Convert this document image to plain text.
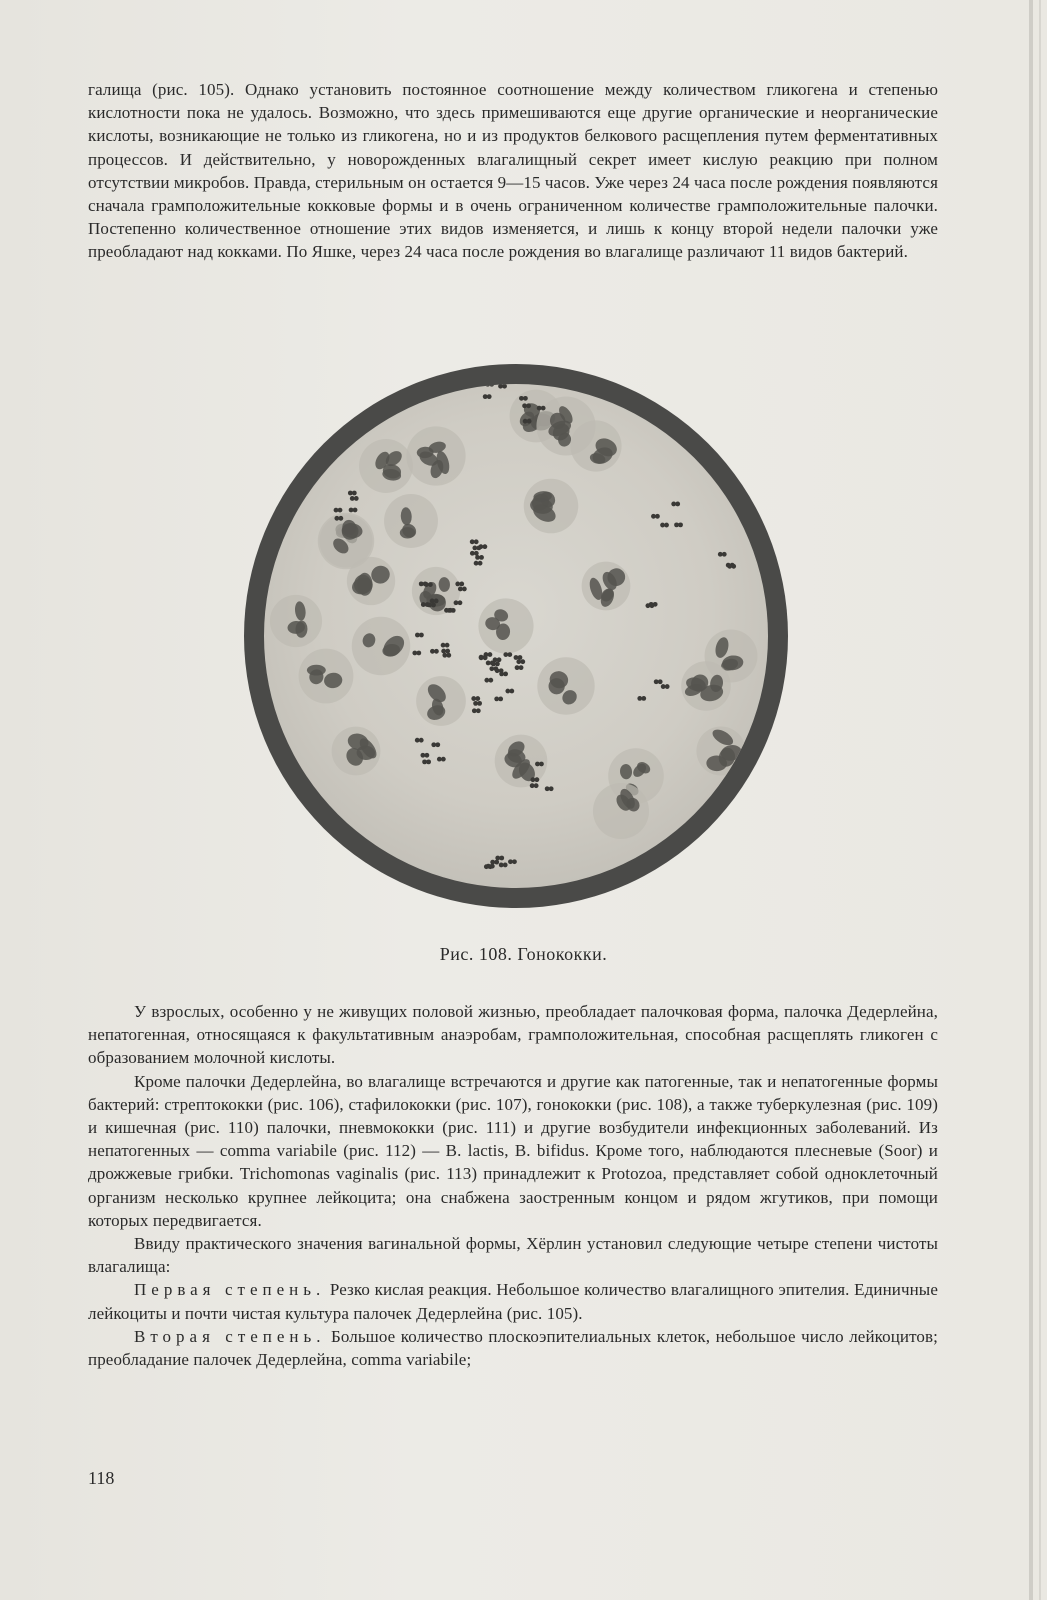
галища (рис. 105). Однако установить постоянное соотношение между количеством гликогена и степенью кислотности пока не удалось. Возможно, что здесь примешиваются еще другие органические и неорганические кислоты, возникающие не только из гликогена, но и из продуктов белкового расщепления путем ферментативных процессов. И действительно, у новорожденных влагалищный секрет имеет кислую реакцию при полном отсутствии микробов. Правда, стерильным он остается 9—15 часов. Уже через 24 часа после рождения появляются сначала грамположительные кокковые формы и в очень ограниченном количестве грамположительные палочки. Постепенно количественное отношение этих видов изменяется, и лишь к концу второй недели палочки уже преобладают над кокками. По Яшке, через 24 часа после рождения во влагалище различают 11 видов бактерий.

Рис. 108. Гонококки.

У взрослых, особенно у не живущих половой жизнью, преобладает палочковая форма, палочка Дедерлейна, непатогенная, относящаяся к факультативным анаэробам, грамположительная, способная расщеплять гликоген с образованием молочной кислоты.

Кроме палочки Дедерлейна, во влагалище встречаются и другие как патогенные, так и непатогенные формы бактерий: стрептококки (рис. 106), стафилококки (рис. 107), гонококки (рис. 108), а также туберкулезная (рис. 109) и кишечная (рис. 110) палочки, пневмококки (рис. 111) и другие возбудители инфекционных заболеваний. Из непатогенных — comma variabile (рис. 112) — B. lactis, B. bifidus. Кроме того, наблюдаются плесневые (Soor) и дрожжевые грибки. Trichomonas vaginalis (рис. 113) принадлежит к Protozoa, представляет собой одноклеточный организм несколько крупнее лейкоцита; она снабжена заостренным концом и рядом жгутиков, при помощи которых передвигается.

Ввиду практического значения вагинальной формы, Хёрлин установил следующие четыре степени чистоты влагалища:

Первая степень. Резко кислая реакция. Небольшое количество влагалищного эпителия. Единичные лейкоциты и почти чистая культура палочек Дедерлейна (рис. 105).

Вторая степень. Большое количество плоскоэпителиальных клеток, небольшое число лейкоцитов; преобладание палочек Дедерлейна, comma variabile;

118
